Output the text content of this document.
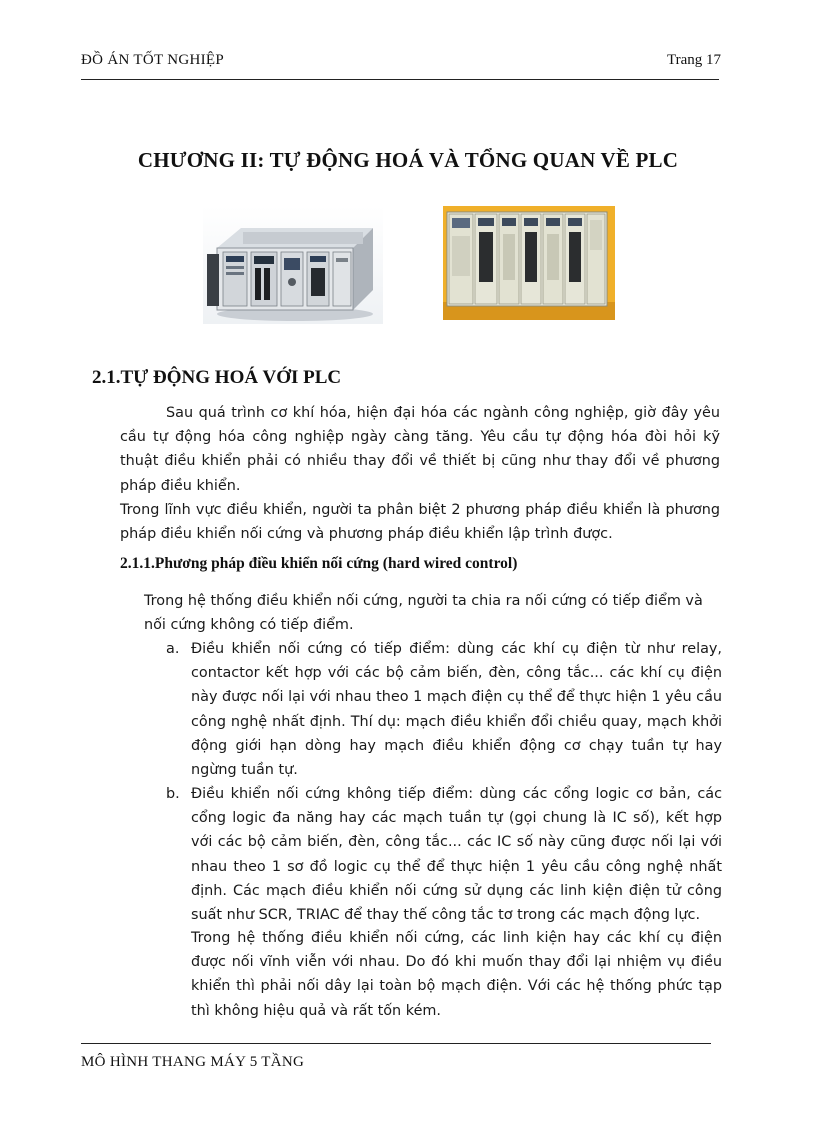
ĐỒ ÁN TỐT NGHIỆP	Trang 17
CHƯƠNG II: TỰ ĐỘNG HOÁ VÀ TỔNG QUAN VỀ PLC
2.1.TỰ ĐỘNG HOÁ VỚI PLC

Sau quá trình cơ khí hóa, hiện đại hóa các ngành công nghiệp, giờ đây yêu cầu tự động hóa công nghiệp ngày càng tăng. Yêu cầu tự động hóa đòi hỏi kỹ thuật điều khiển phải có nhiều thay đổi về thiết bị cũng như thay đổi về phương pháp điều khiển.

Trong lĩnh vực điều khiển, người ta phân biệt 2 phương pháp điều khiển là phương pháp điều khiển nối cứng và phương pháp điều khiển lập trình được.

2.1.1.Phương pháp điều khiển nối cứng (hard wired control)

Trong hệ thống điều khiển nối cứng, người ta chia ra nối cứng có tiếp điểm và nối cứng không có tiếp điểm.

a. Điều khiển nối cứng có tiếp điểm: dùng các khí cụ điện từ như relay, contactor kết hợp với các bộ cảm biến, đèn, công tắc... các khí cụ điện này được nối lại với nhau theo 1 mạch điện cụ thể để thực hiện 1 yêu cầu công nghệ nhất định. Thí dụ: mạch điều khiển đổi chiều quay, mạch khởi động giới hạn dòng hay mạch điều khiển động cơ chạy tuần tự hay ngừng tuần tự.

b. Điều khiển nối cứng không tiếp điểm: dùng các cổng logic cơ bản, các cổng logic đa năng hay các mạch tuần tự (gọi chung là IC số), kết hợp với các bộ cảm biến, đèn, công tắc... các IC số này cũng được nối lại với nhau theo 1 sơ đồ logic cụ thể để thực hiện 1 yêu cầu công nghệ nhất định. Các mạch điều khiển nối cứng sử dụng các linh kiện điện tử công suất như SCR, TRIAC để thay thế công tắc tơ trong các mạch động lực.

Trong hệ thống điều khiển nối cứng, các linh kiện hay các khí cụ điện được nối vĩnh viễn với nhau. Do đó khi muốn thay đổi lại nhiệm vụ điều khiển thì phải nối dây lại toàn bộ mạch điện. Với các hệ thống phức tạp thì không hiệu quả và rất tốn kém.

MÔ HÌNH THANG MÁY 5 TẦNG
